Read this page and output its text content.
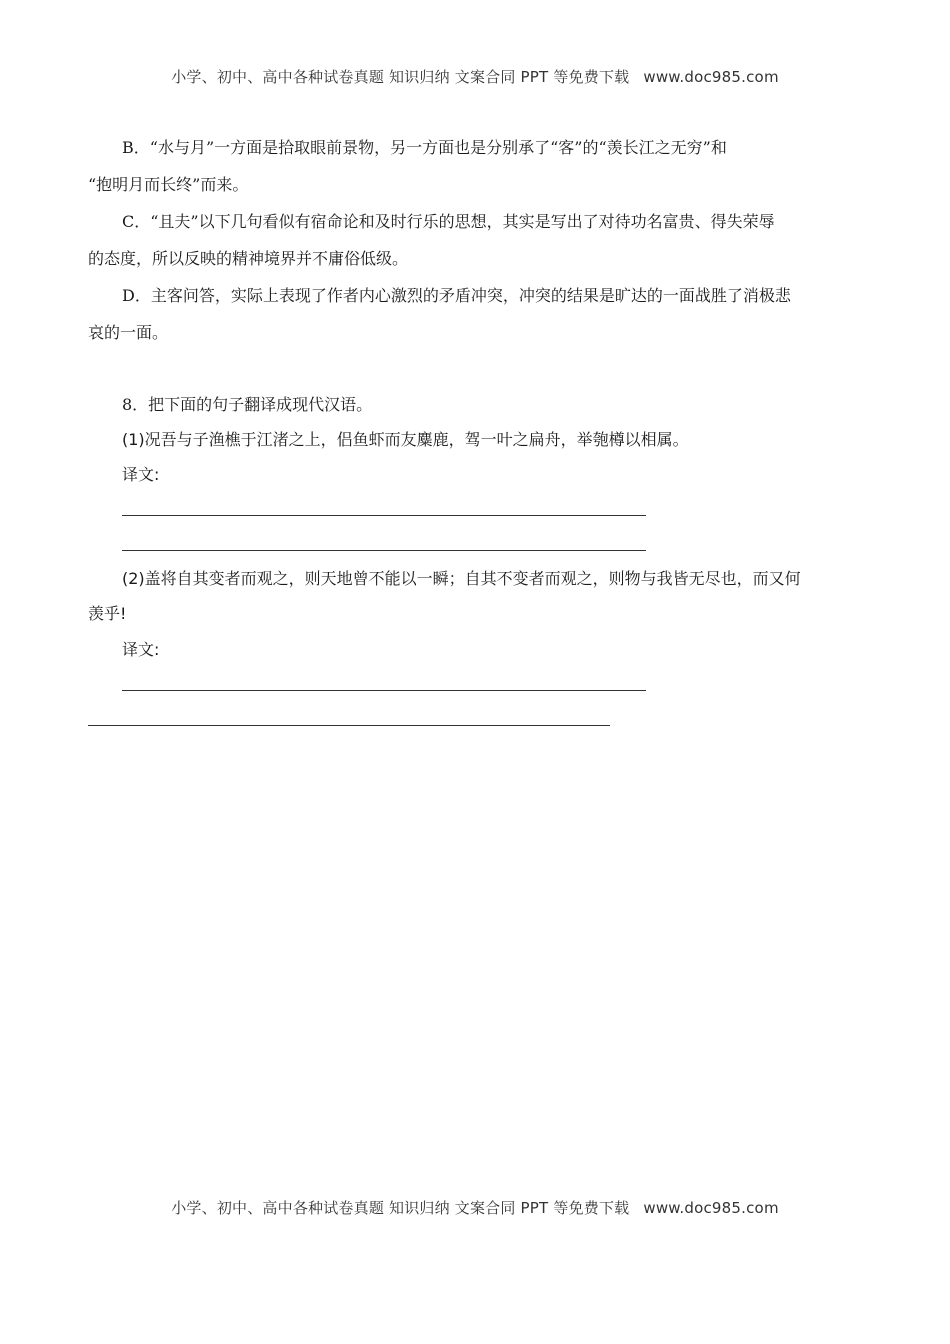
小学、初中、高中各种试卷真题 知识归纳 文案合同 PPT 等免费下载 www.doc985.com
B．“水与月”一方面是拾取眼前景物，另一方面也是分别承了“客”的“羡长江之无穷”和
“抱明月而长终”而来。
C．“且夫”以下几句看似有宿命论和及时行乐的思想，其实是写出了对待功名富贵、得失荣辱
的态度，所以反映的精神境界并不庸俗低级。
D．主客问答，实际上表现了作者内心激烈的矛盾冲突，冲突的结果是旷达的一面战胜了消极悲
哀的一面。
8．把下面的句子翻译成现代汉语。
(1)况吾与子渔樵于江渚之上，侣鱼虾而友麋鹿，驾一叶之扁舟，举匏樽以相属。
译文:
(2)盖将自其变者而观之，则天地曾不能以一瞬；自其不变者而观之，则物与我皆无尽也，而又何
羡乎!
译文:
小学、初中、高中各种试卷真题 知识归纳 文案合同 PPT 等免费下载 www.doc985.com
